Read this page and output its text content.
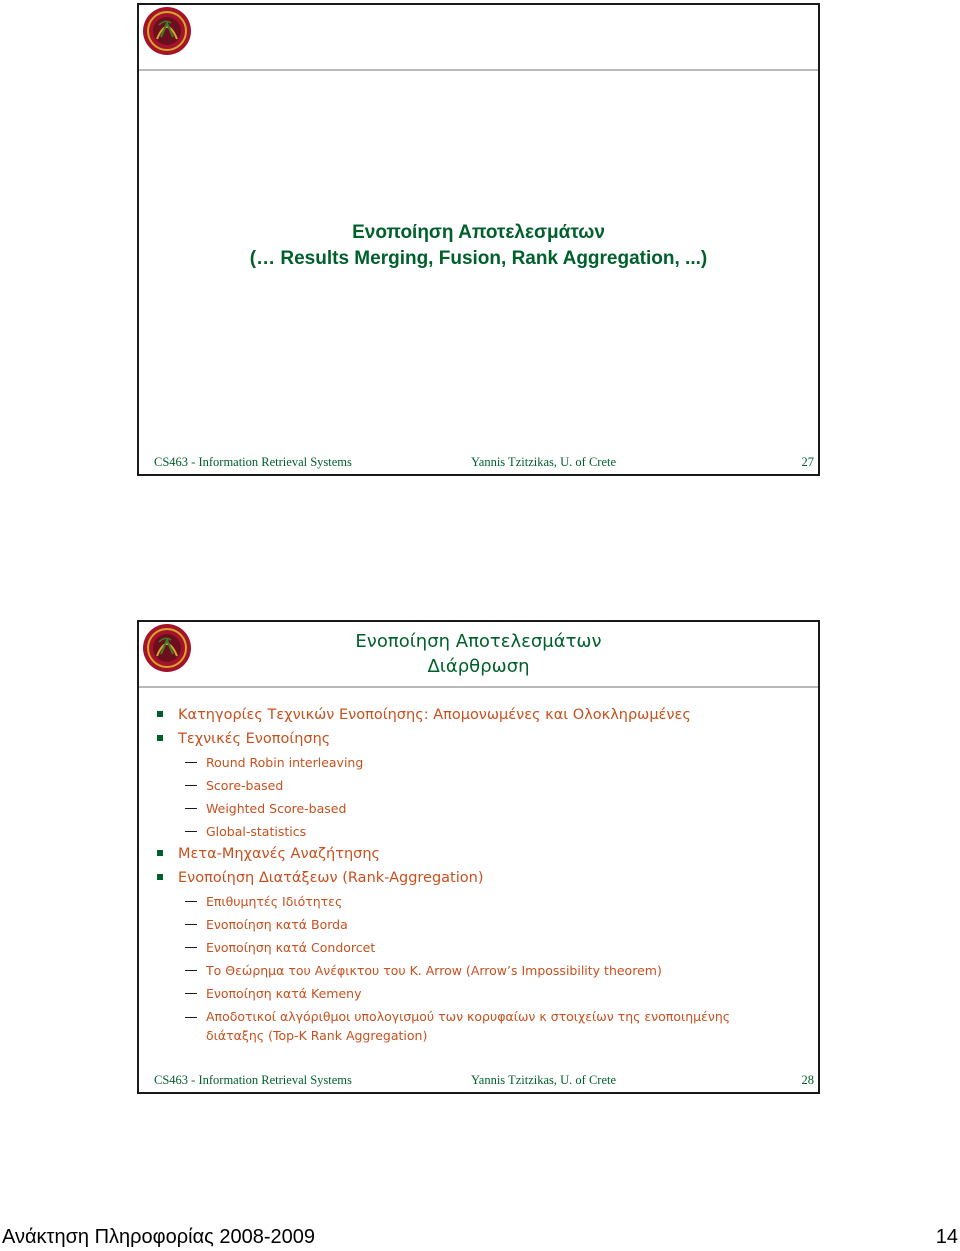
Ενοποίηση Αποτελεσμάτων
(… Results Merging, Fusion, Rank Aggregation, ...)
CS463 - Information Retrieval Systems	Yannis Tzitzikas, U. of Crete	27
Ενοποίηση Αποτελεσμάτων
Διάρθρωση
Κατηγορίες Τεχνικών Ενοποίησης: Απομονωμένες και Ολοκληρωμένες
Τεχνικές Ενοποίησης
Round Robin interleaving
Score-based
Weighted Score-based
Global-statistics
Μετα-Μηχανές Αναζήτησης
Ενοποίηση Διατάξεων (Rank-Aggregation)
Επιθυμητές Ιδιότητες
Ενοποίηση κατά Borda
Ενοποίηση κατά Condorcet
Το Θεώρημα του Ανέφικτου του K. Arrow (Arrow’s Impossibility theorem)
Ενοποίηση κατά Kemeny
Αποδοτικοί αλγόριθμοι υπολογισμού των κορυφαίων κ στοιχείων της ενοποιημένης διάταξης (Top-K Rank Aggregation)
CS463 - Information Retrieval Systems	Yannis Tzitzikas, U. of Crete	28
Ανάκτηση Πληροφορίας 2008-2009	14
